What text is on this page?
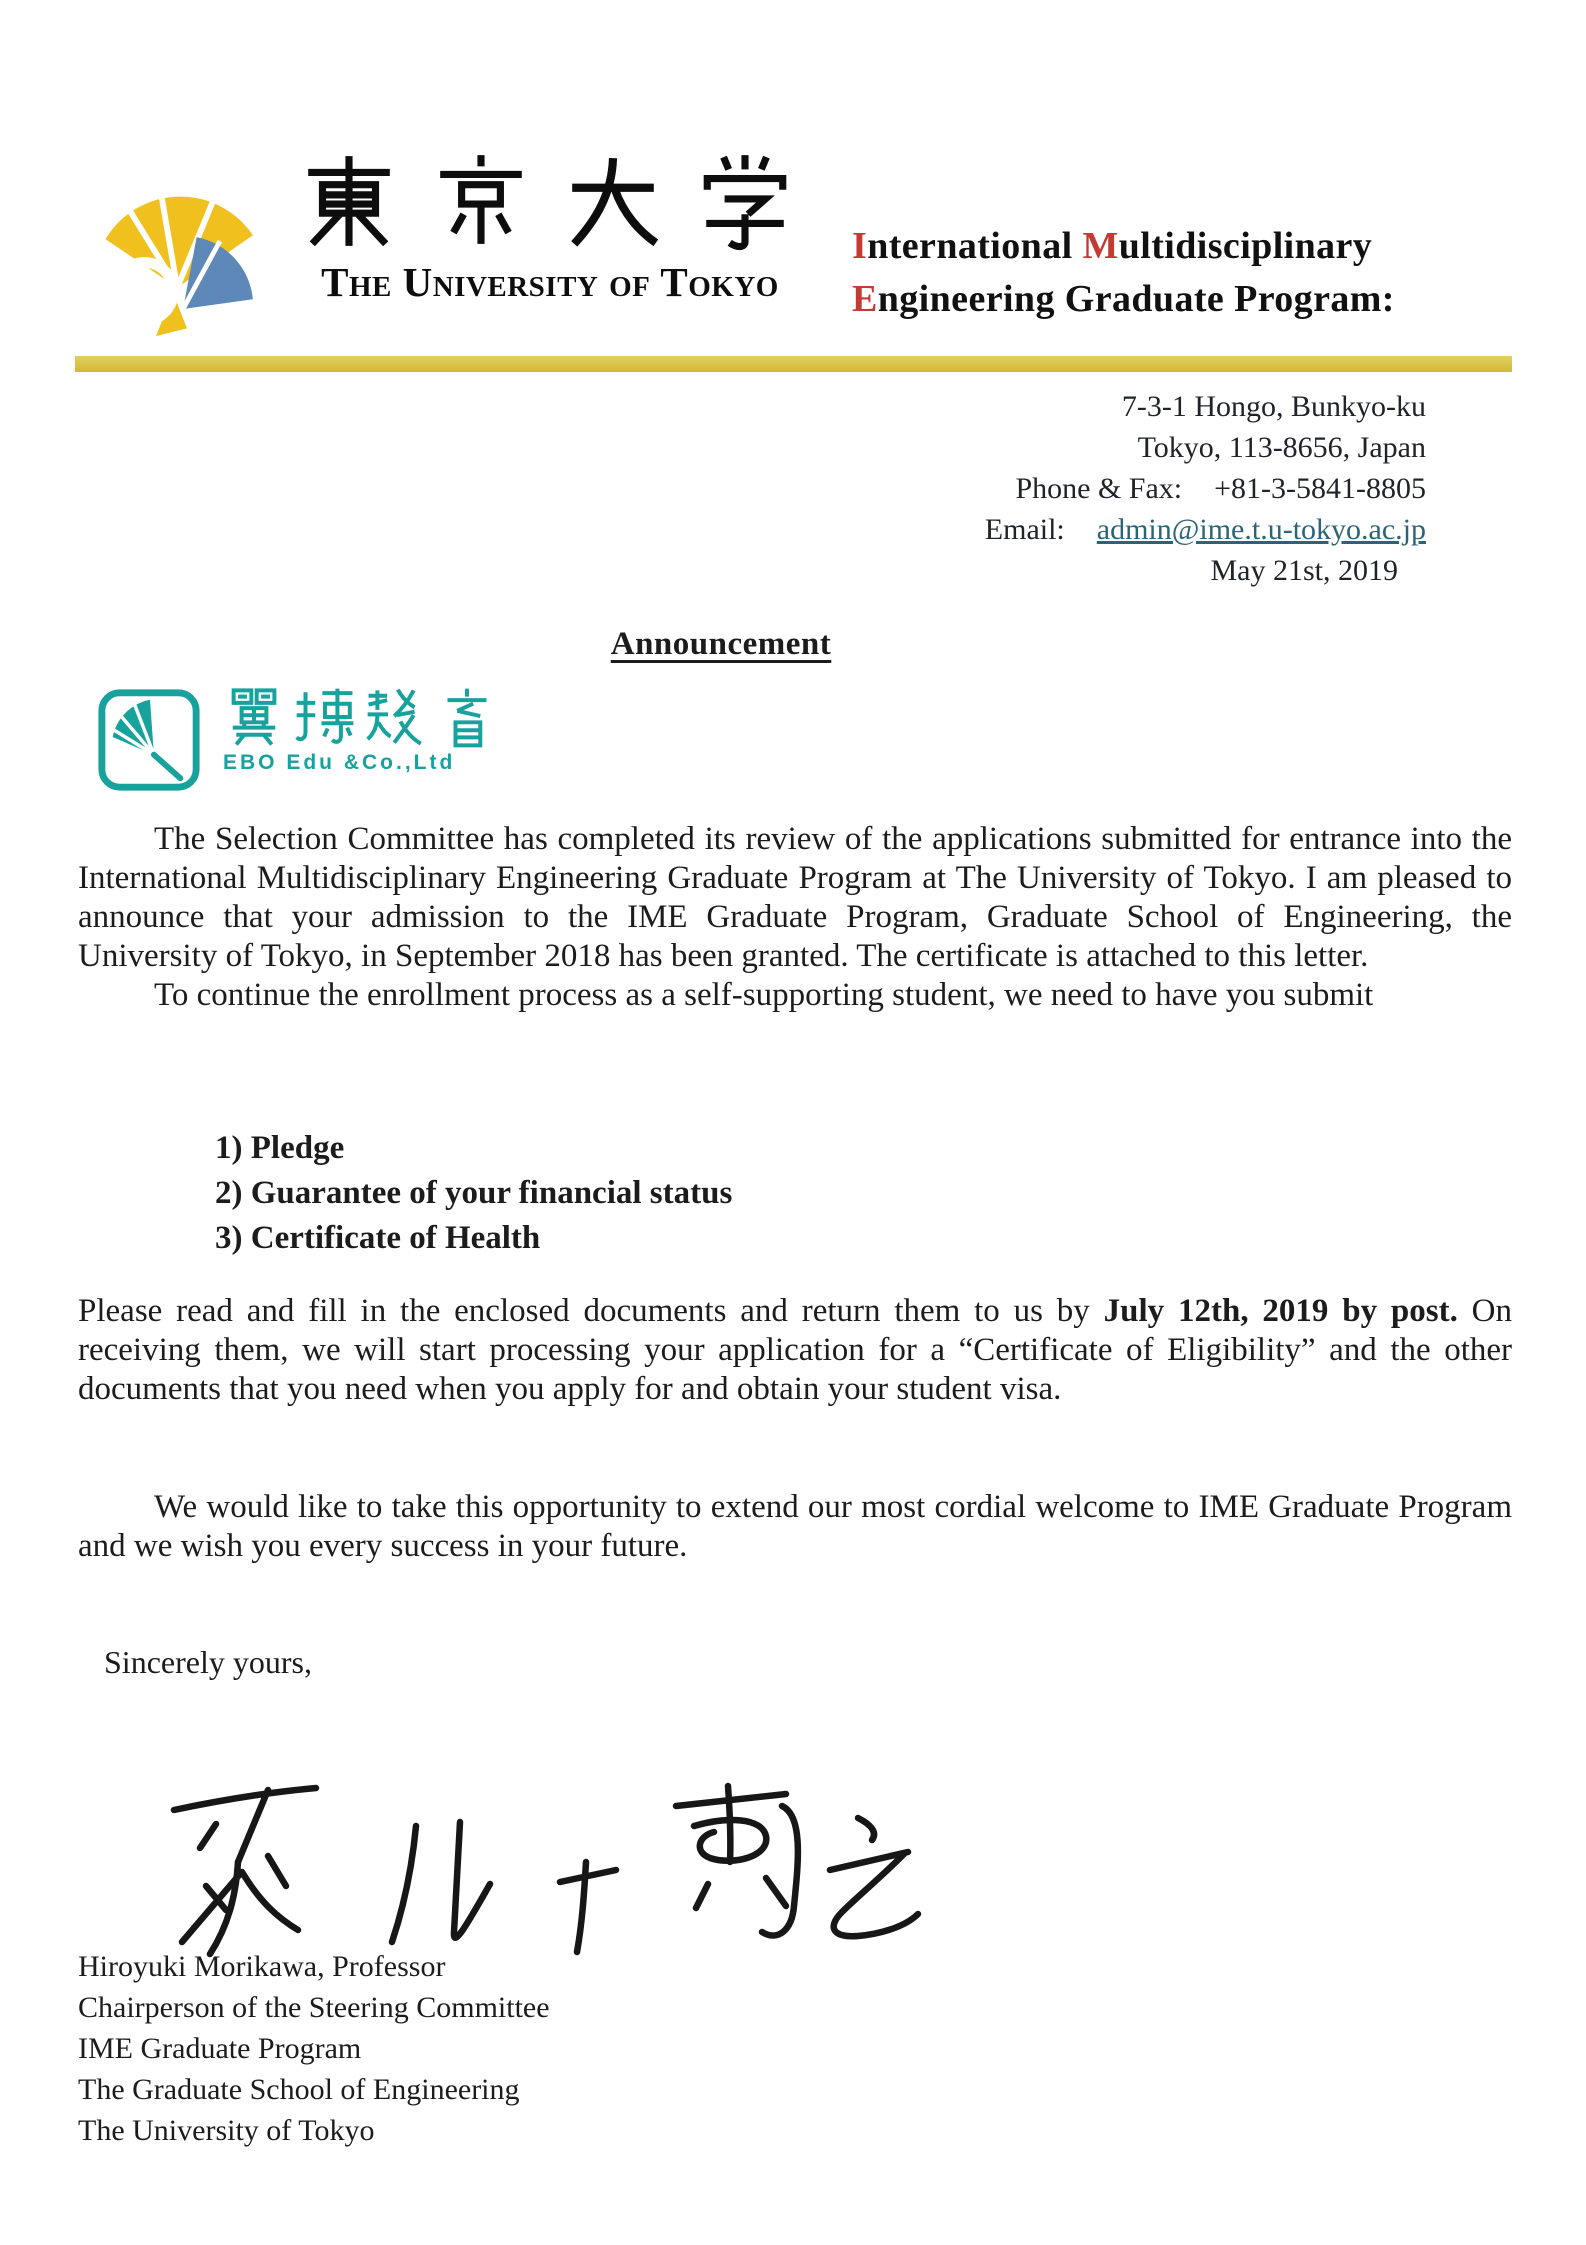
The University of Tokyo
International Multidisciplinary
Engineering Graduate Program:
7-3-1 Hongo, Bunkyo-ku
Tokyo, 113-8656, Japan
Phone & Fax: +81-3-5841-8805
Email: admin@ime.t.u-tokyo.ac.jp
May 21st, 2019
Announcement
EBO Edu &Co.,Ltd

The Selection Committee has completed its review of the applications submitted for entrance into the International Multidisciplinary Engineering Graduate Program at The University of Tokyo. I am pleased to announce that your admission to the IME Graduate Program, Graduate School of Engineering, the University of Tokyo, in September 2018 has been granted. The certificate is attached to this letter.

To continue the enrollment process as a self-supporting student, we need to have you submit

1) Pledge
2) Guarantee of your financial status
3) Certificate of Health

Please read and fill in the enclosed documents and return them to us by July 12th, 2019 by post. On receiving them, we will start processing your application for a “Certificate of Eligibility” and the other documents that you need when you apply for and obtain your student visa.

We would like to take this opportunity to extend our most cordial welcome to IME Graduate Program and we wish you every success in your future.

Sincerely yours,
Hiroyuki Morikawa, Professor
Chairperson of the Steering Committee
IME Graduate Program
The Graduate School of Engineering
The University of Tokyo
